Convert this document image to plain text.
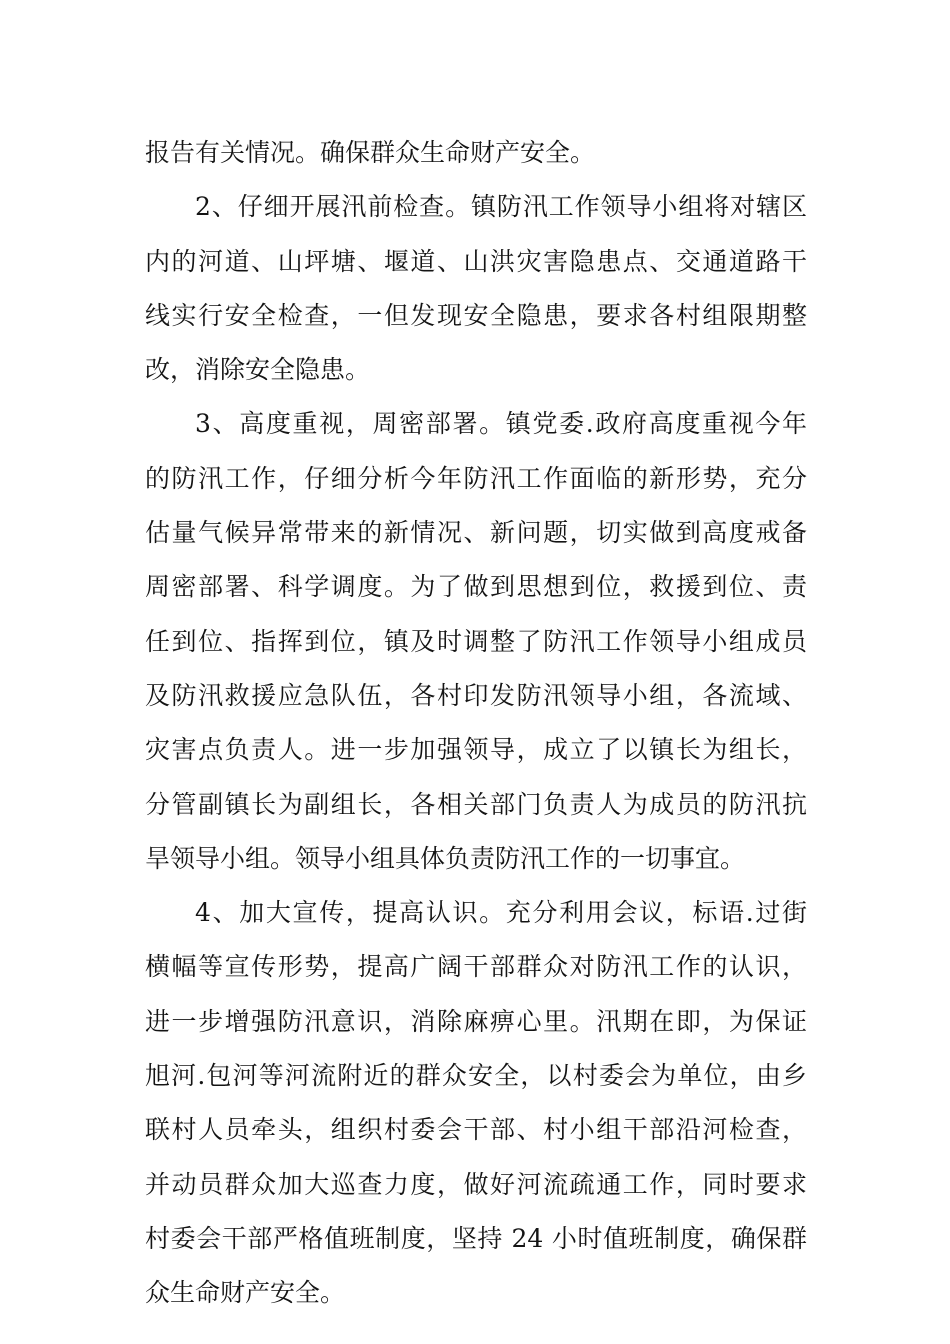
报告有关情况。确保群众生命财产安全。
2、仔细开展汛前检查。镇防汛工作领导小组将对辖区
内的河道、山坪塘、堰道、山洪灾害隐患点、交通道路干
线实行安全检查，一但发现安全隐患，要求各村组限期整
改，消除安全隐患。
3、高度重视，周密部署。镇党委.政府高度重视今年
的防汛工作，仔细分析今年防汛工作面临的新形势，充分
估量气候异常带来的新情况、新问题，切实做到高度戒备
周密部署、科学调度。为了做到思想到位，救援到位、责
任到位、指挥到位，镇及时调整了防汛工作领导小组成员
及防汛救援应急队伍，各村印发防汛领导小组，各流域、
灾害点负责人。进一步加强领导，成立了以镇长为组长，
分管副镇长为副组长，各相关部门负责人为成员的防汛抗
旱领导小组。领导小组具体负责防汛工作的一切事宜。
4、加大宣传，提高认识。充分利用会议，标语.过街
横幅等宣传形势，提高广阔干部群众对防汛工作的认识，
进一步增强防汛意识，消除麻痹心里。汛期在即，为保证
旭河.包河等河流附近的群众安全，以村委会为单位，由乡
联村人员牵头，组织村委会干部、村小组干部沿河检查，
并动员群众加大巡查力度，做好河流疏通工作，同时要求
村委会干部严格值班制度，坚持 24 小时值班制度，确保群
众生命财产安全。
